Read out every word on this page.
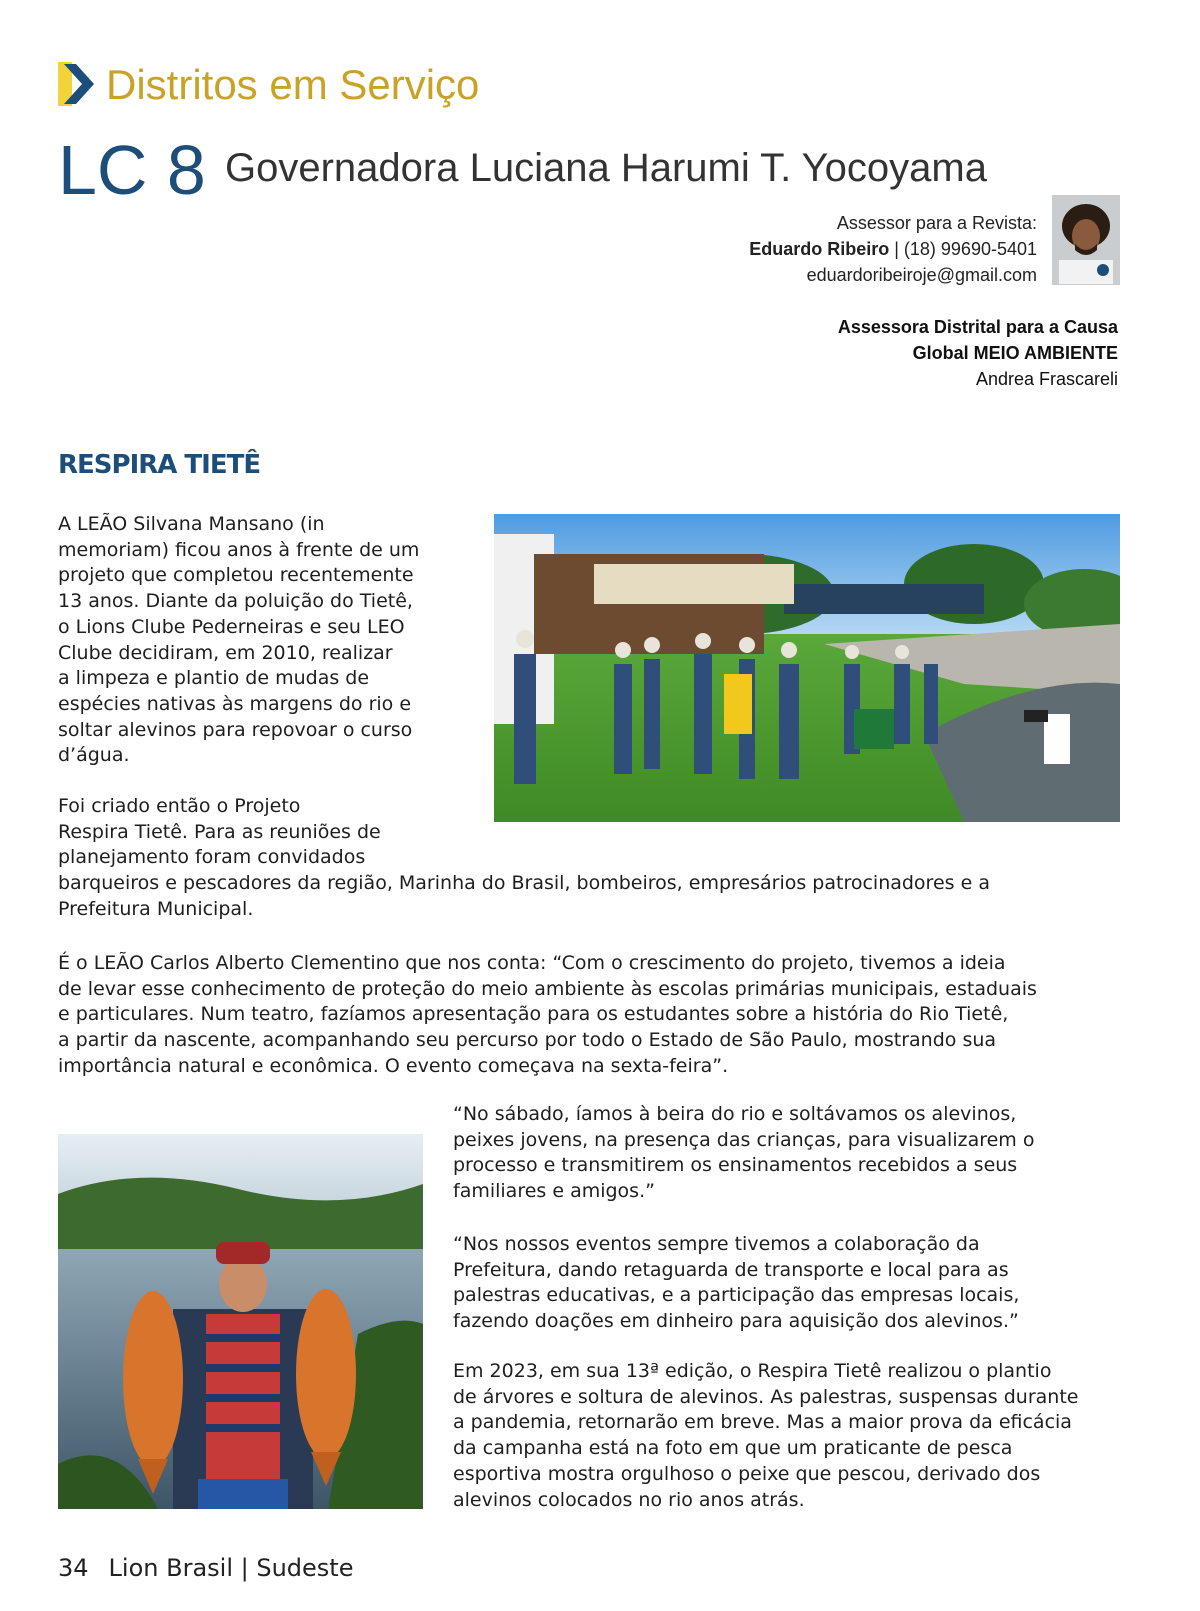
Distritos em Serviço
LC 8 Governadora Luciana Harumi T. Yocoyama
Assessor para a Revista:
Eduardo Ribeiro | (18) 99690-5401
eduardoribeiroje@gmail.com
Assessora Distrital para a Causa
Global MEIO AMBIENTE
Andrea Frascareli
RESPIRA TIETÊ

A LEÃO Silvana Mansano (in
memoriam) ficou anos à frente de um
projeto que completou recentemente
13 anos. Diante da poluição do Tietê,
o Lions Clube Pederneiras e seu LEO
Clube decidiram, em 2010, realizar
a limpeza e plantio de mudas de
espécies nativas às margens do rio e
soltar alevinos para repovoar o curso
d’água.

Foi criado então o Projeto
Respira Tietê. Para as reuniões de
planejamento foram convidados
barqueiros e pescadores da região, Marinha do Brasil, bombeiros, empresários patrocinadores e a
Prefeitura Municipal.

É o LEÃO Carlos Alberto Clementino que nos conta: “Com o crescimento do projeto, tivemos a ideia
de levar esse conhecimento de proteção do meio ambiente às escolas primárias municipais, estaduais
e particulares. Num teatro, fazíamos apresentação para os estudantes sobre a história do Rio Tietê,
a partir da nascente, acompanhando seu percurso por todo o Estado de São Paulo, mostrando sua
importância natural e econômica. O evento começava na sexta-feira”.

“No sábado, íamos à beira do rio e soltávamos os alevinos,
peixes jovens, na presença das crianças, para visualizarem o
processo e transmitirem os ensinamentos recebidos a seus
familiares e amigos.”

“Nos nossos eventos sempre tivemos a colaboração da
Prefeitura, dando retaguarda de transporte e local para as
palestras educativas, e a participação das empresas locais,
fazendo doações em dinheiro para aquisição dos alevinos.”

Em 2023, em sua 13ª edição, o Respira Tietê realizou o plantio
de árvores e soltura de alevinos. As palestras, suspensas durante
a pandemia, retornarão em breve. Mas a maior prova da eficácia
da campanha está na foto em que um praticante de pesca
esportiva mostra orgulhoso o peixe que pescou, derivado dos
alevinos colocados no rio anos atrás.

34 Lion Brasil | Sudeste
